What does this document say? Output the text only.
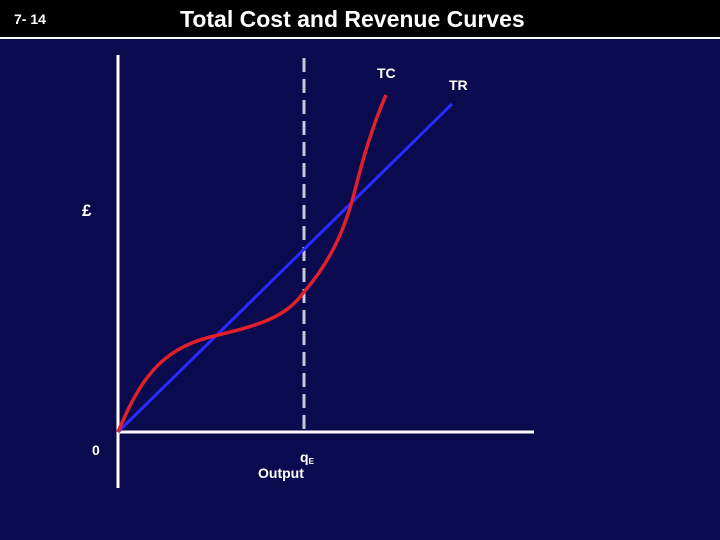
7- 14	Total Cost and Revenue Curves
TC
TR
£
0	qE
Output
